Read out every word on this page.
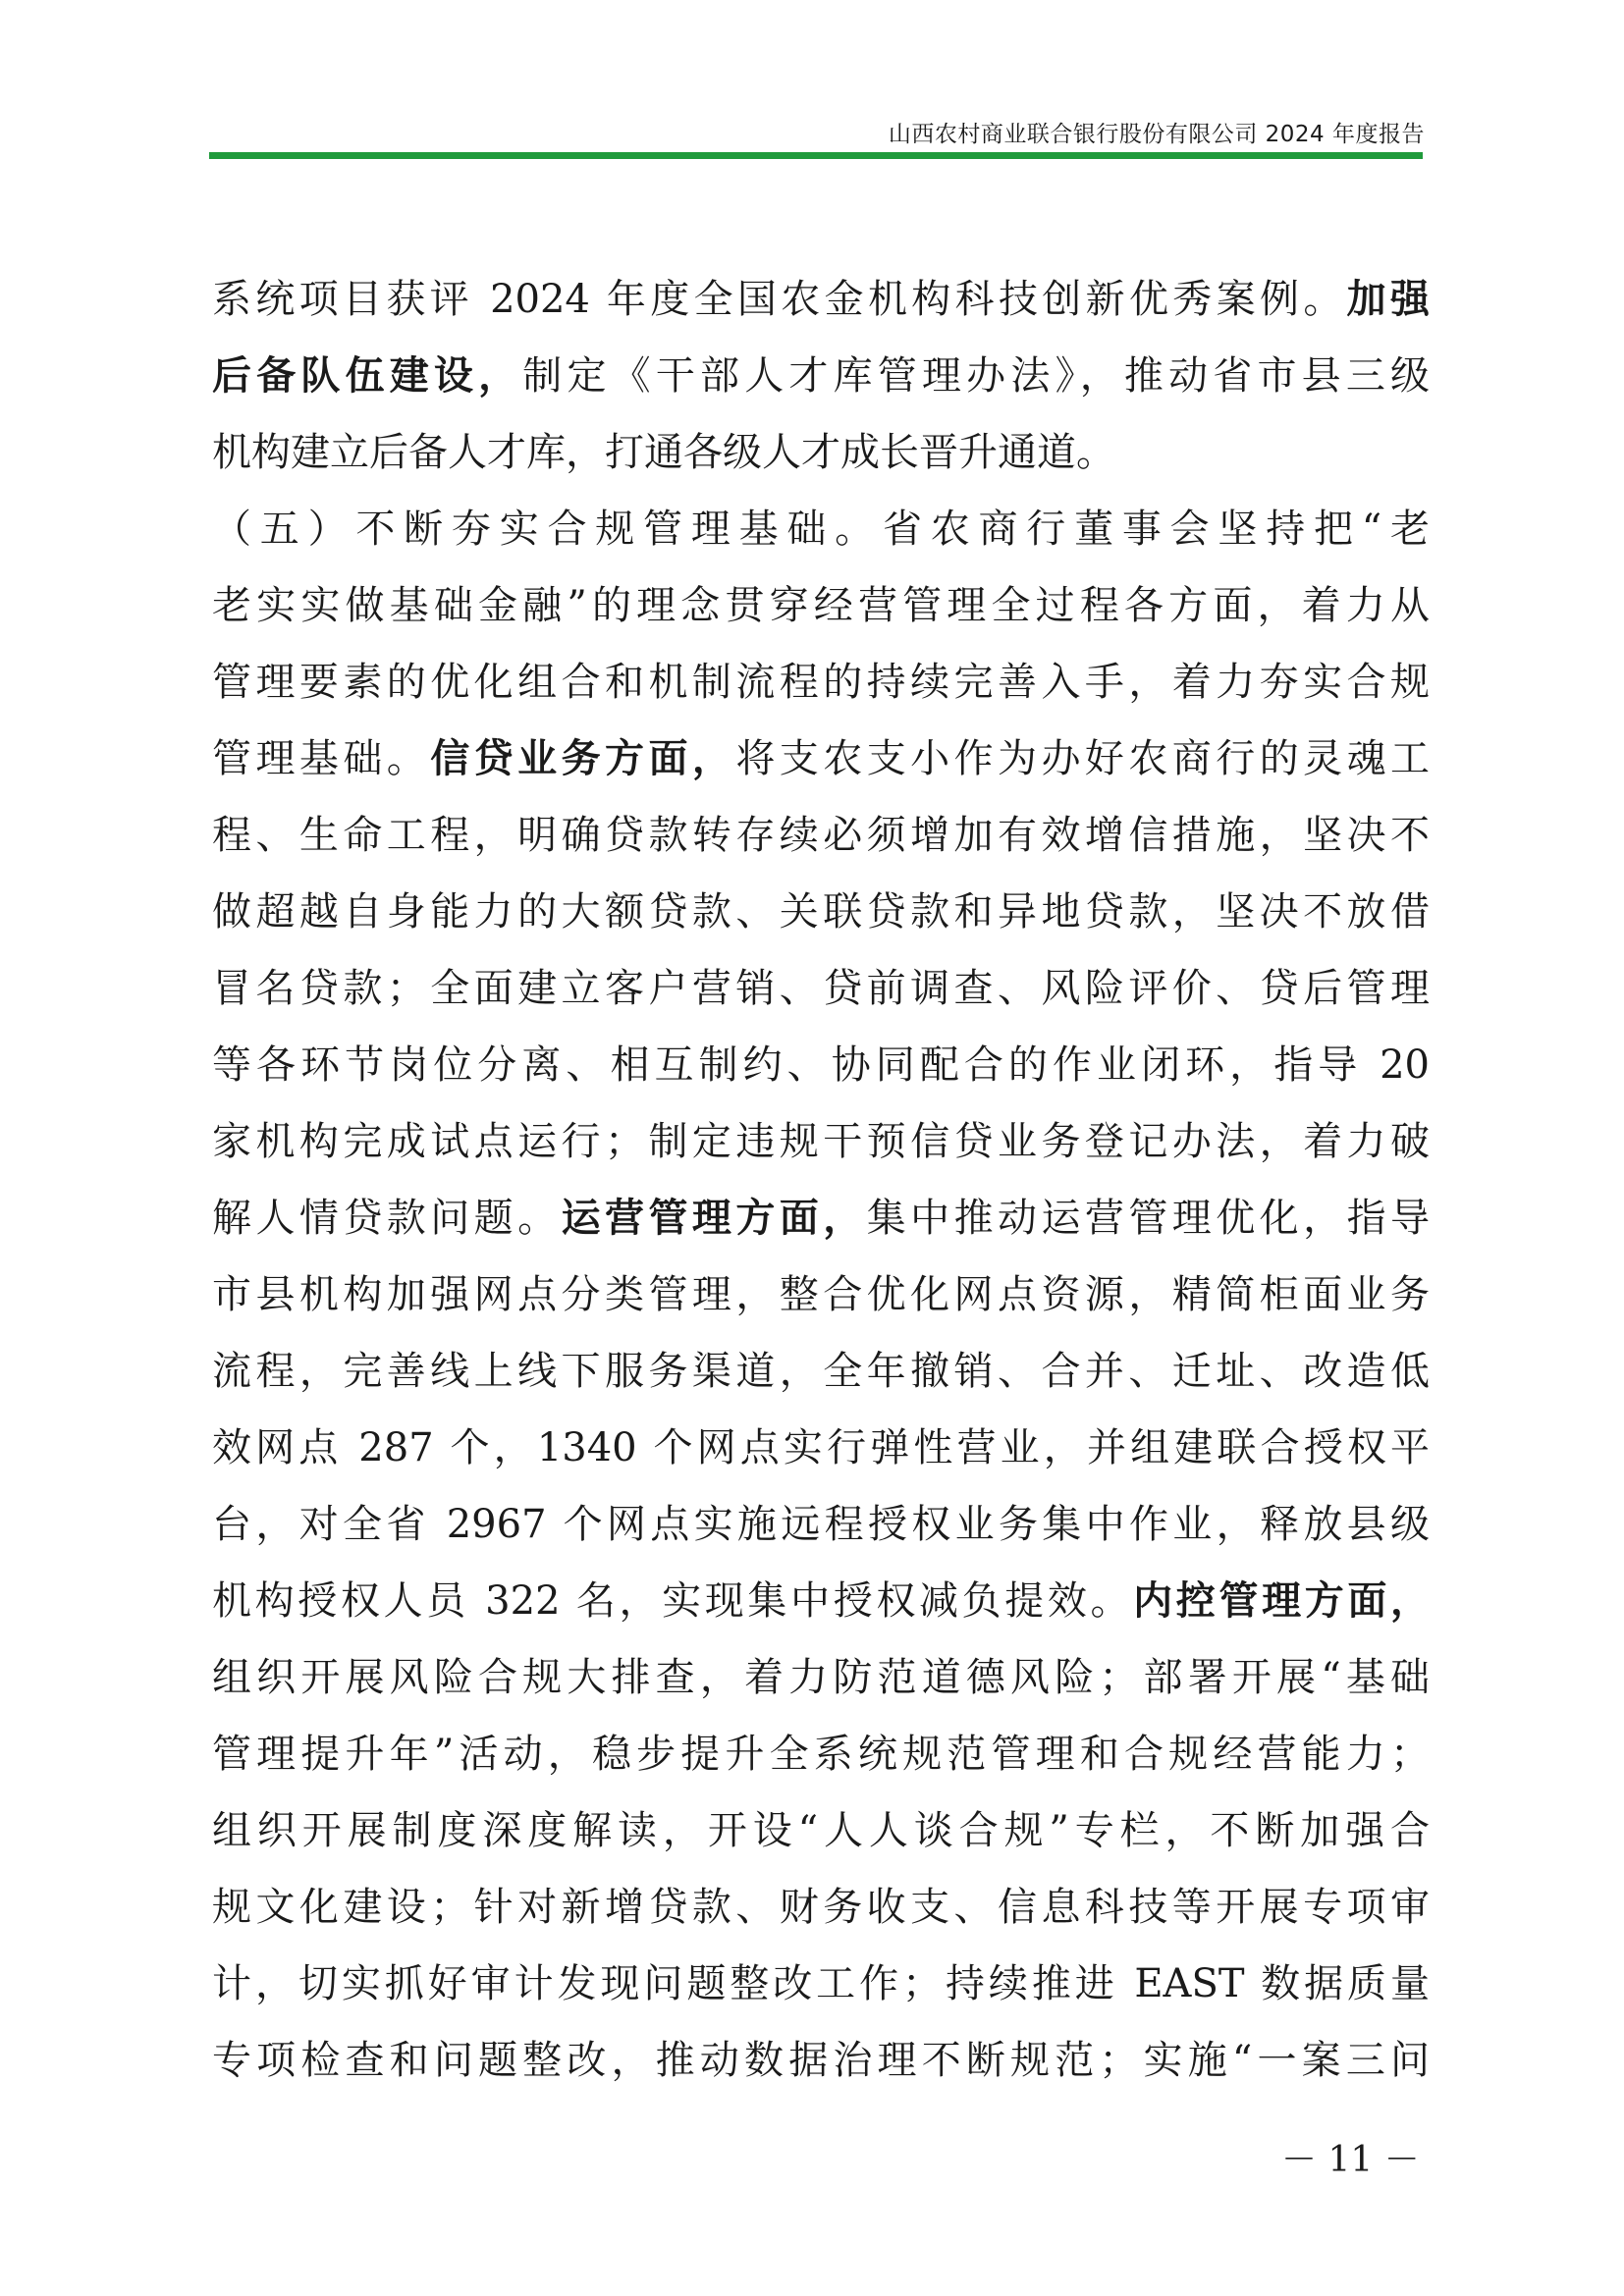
山西农村商业联合银行股份有限公司 2024 年度报告
系统项目获评 2024 年度全国农金机构科技创新优秀案例。加强
后备队伍建设，制定《干部人才库管理办法》，推动省市县三级
机构建立后备人才库，打通各级人才成长晋升通道。
（五）不断夯实合规管理基础。省农商行董事会坚持把“老
老实实做基础金融”的理念贯穿经营管理全过程各方面，着力从
管理要素的优化组合和机制流程的持续完善入手，着力夯实合规
管理基础。信贷业务方面，将支农支小作为办好农商行的灵魂工
程、生命工程，明确贷款转存续必须增加有效增信措施，坚决不
做超越自身能力的大额贷款、关联贷款和异地贷款，坚决不放借
冒名贷款；全面建立客户营销、贷前调查、风险评价、贷后管理
等各环节岗位分离、相互制约、协同配合的作业闭环，指导 20
家机构完成试点运行；制定违规干预信贷业务登记办法，着力破
解人情贷款问题。运营管理方面，集中推动运营管理优化，指导
市县机构加强网点分类管理，整合优化网点资源，精简柜面业务
流程，完善线上线下服务渠道，全年撤销、合并、迁址、改造低
效网点 287 个，1340 个网点实行弹性营业，并组建联合授权平
台，对全省 2967 个网点实施远程授权业务集中作业，释放县级
机构授权人员 322 名，实现集中授权减负提效。内控管理方面，
组织开展风险合规大排查，着力防范道德风险；部署开展“基础
管理提升年”活动，稳步提升全系统规范管理和合规经营能力；
组织开展制度深度解读，开设“人人谈合规”专栏，不断加强合
规文化建设；针对新增贷款、财务收支、信息科技等开展专项审
计，切实抓好审计发现问题整改工作；持续推进 EAST 数据质量
专项检查和问题整改，推动数据治理不断规范；实施“一案三问
－ 11 －
